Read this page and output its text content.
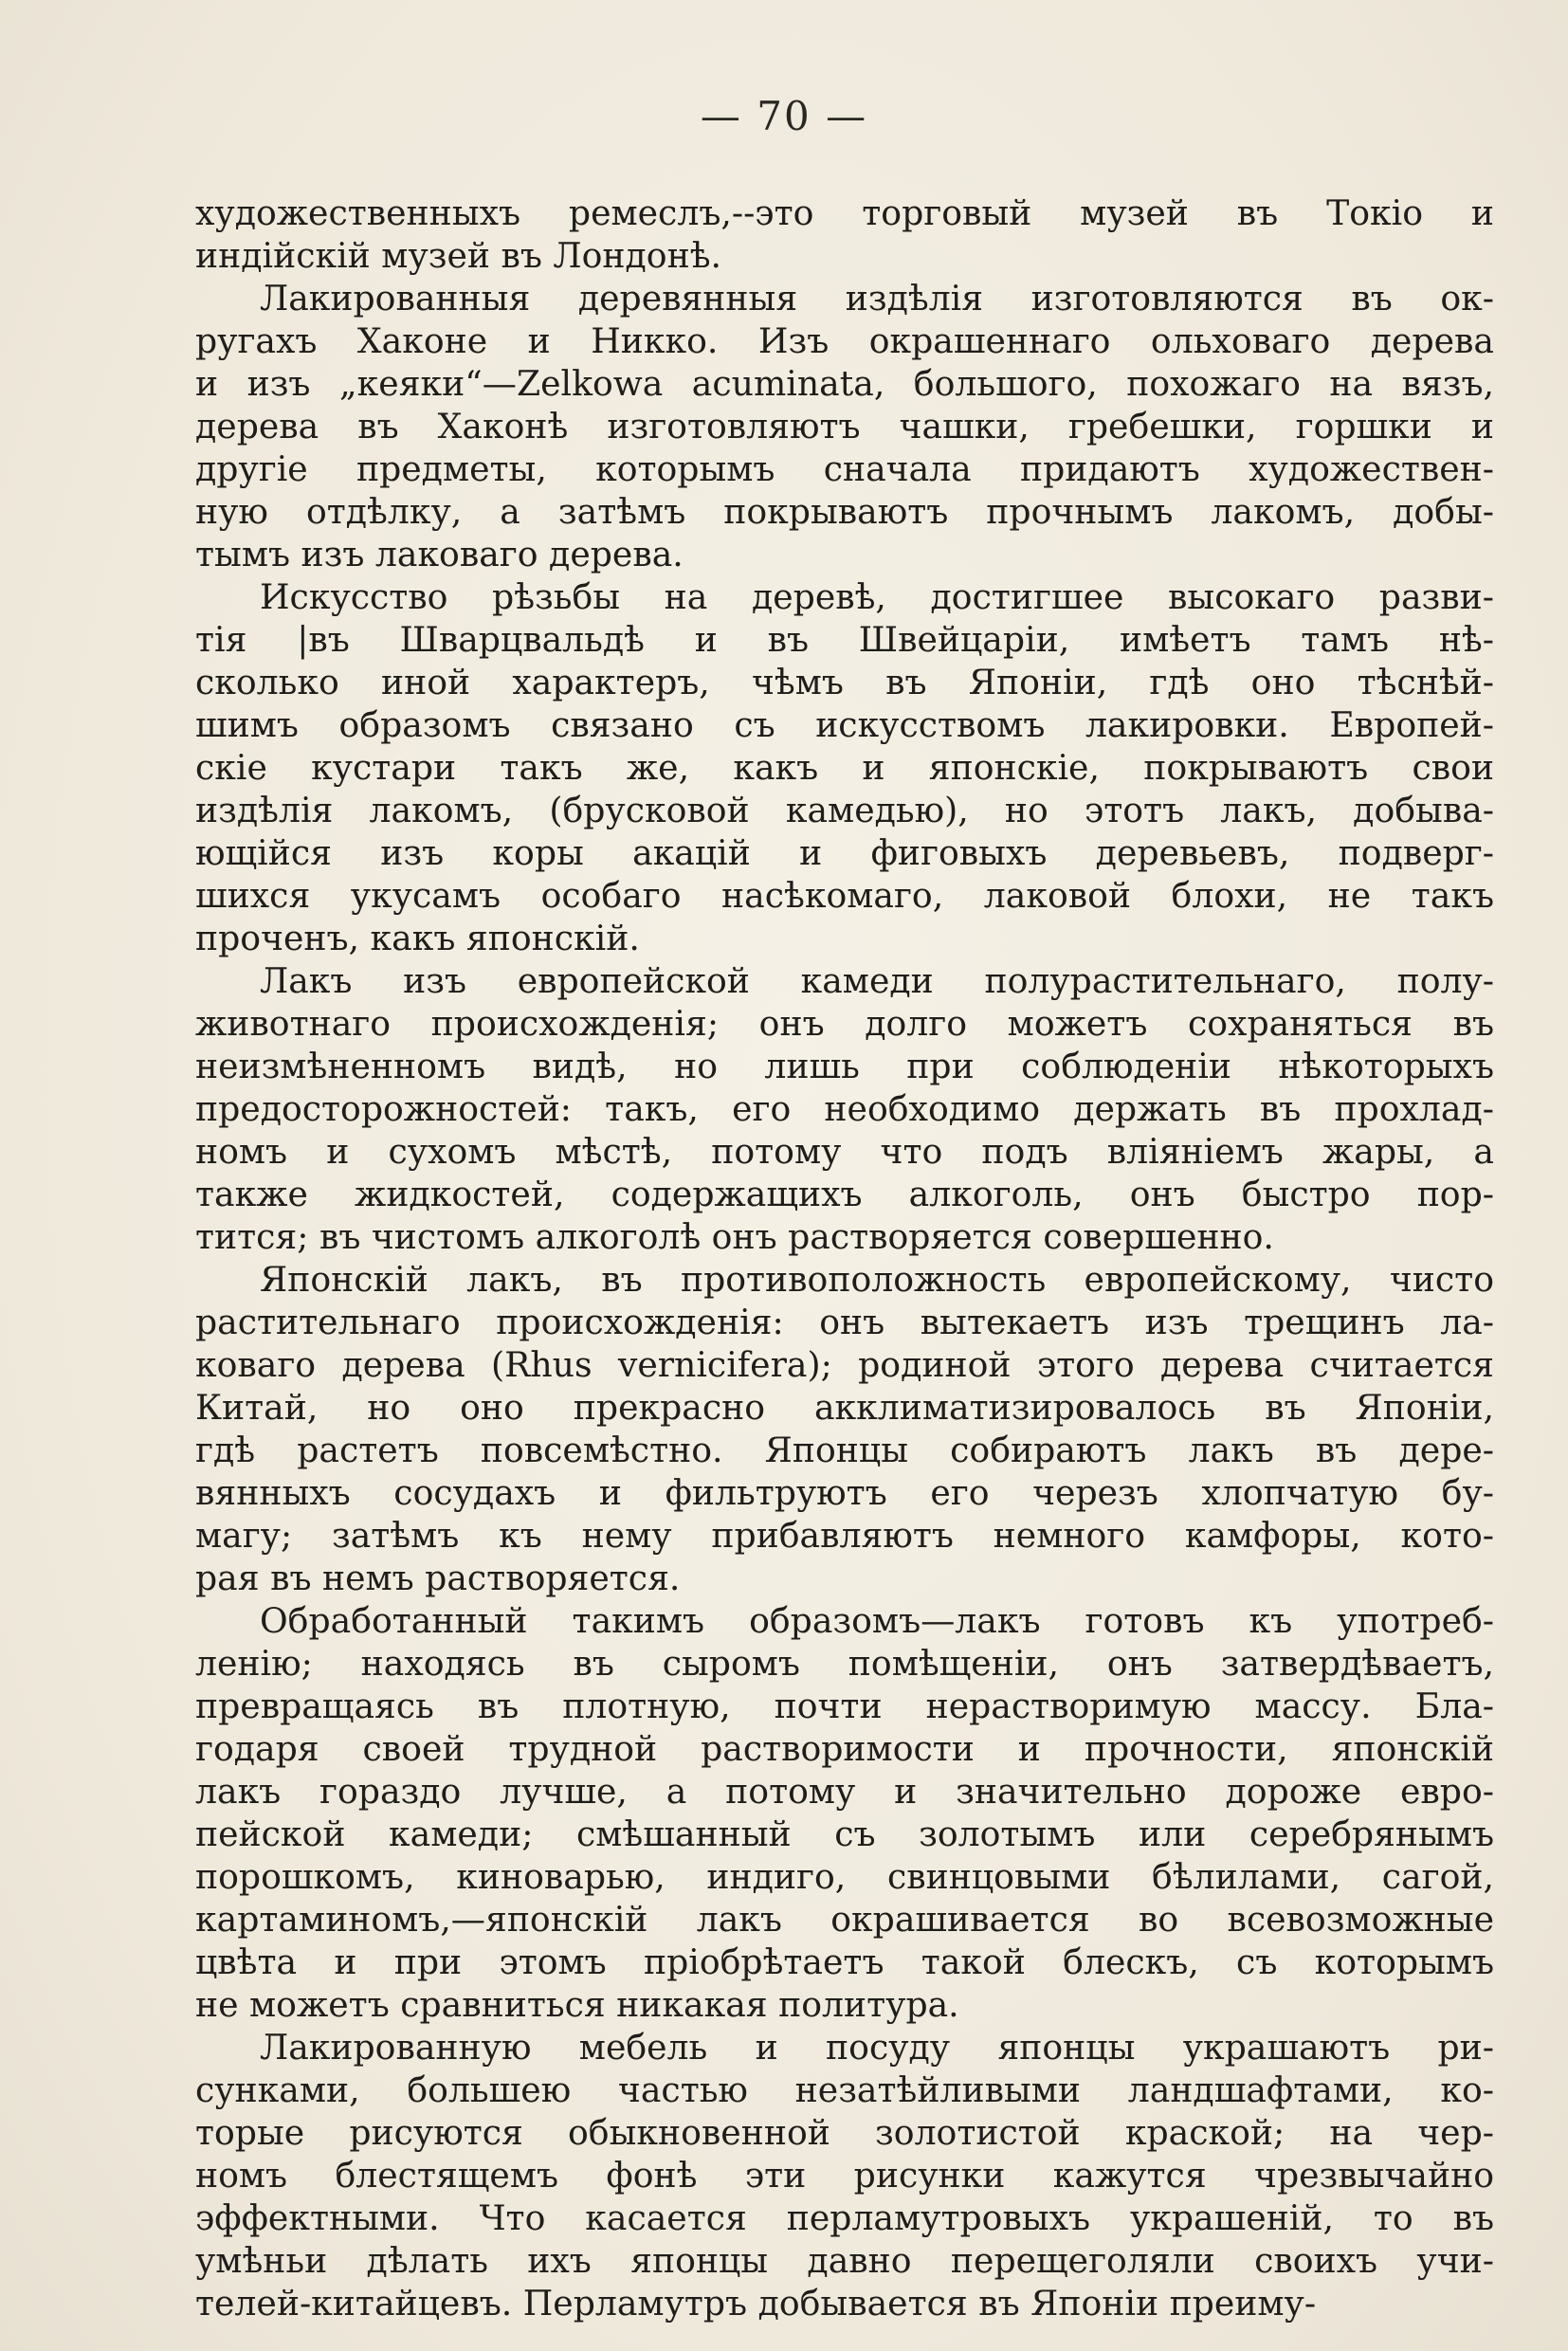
— 70 —
художественныхъ ремеслъ,--это торговый музей въ Токіо и
индійскій музей въ Лондонѣ.
Лакированныя деревянныя издѣлія изготовляются въ ок-
ругахъ Хаконе и Никко. Изъ окрашеннаго ольховаго дерева
и изъ „кеяки“—Zelkowa acuminata, большого, похожаго на вязъ,
дерева въ Хаконѣ изготовляютъ чашки, гребешки, горшки и
другіе предметы, которымъ сначала придаютъ художествен-
ную отдѣлку, а затѣмъ покрываютъ прочнымъ лакомъ, добы-
тымъ изъ лаковаго дерева.
Искусство рѣзьбы на деревѣ, достигшее высокаго разви-
тія |въ Шварцвальдѣ и въ Швейцаріи, имѣетъ тамъ нѣ-
сколько иной характеръ, чѣмъ въ Японіи, гдѣ оно тѣснѣй-
шимъ образомъ связано съ искусствомъ лакировки. Европей-
скіе кустари такъ же, какъ и японскіе, покрываютъ свои
издѣлія лакомъ, (брусковой камедью), но этотъ лакъ, добыва-
ющійся изъ коры акацій и фиговыхъ деревьевъ, подверг-
шихся укусамъ особаго насѣкомаго, лаковой блохи, не такъ
проченъ, какъ японскій.
Лакъ изъ европейской камеди полурастительнаго, полу-
животнаго происхожденія; онъ долго можетъ сохраняться въ
неизмѣненномъ видѣ, но лишь при соблюденіи нѣкоторыхъ
предосторожностей: такъ, его необходимо держать въ прохлад-
номъ и сухомъ мѣстѣ, потому что подъ вліяніемъ жары, а
также жидкостей, содержащихъ алкоголь, онъ быстро пор-
тится; въ чистомъ алкоголѣ онъ растворяется совершенно.
Японскій лакъ, въ противоположность европейскому, чисто
растительнаго происхожденія: онъ вытекаетъ изъ трещинъ ла-
коваго дерева (Rhus vernicifera); родиной этого дерева считается
Китай, но оно прекрасно акклиматизировалось въ Японіи,
гдѣ растетъ повсемѣстно. Японцы собираютъ лакъ въ дере-
вянныхъ сосудахъ и фильтруютъ его черезъ хлопчатую бу-
магу; затѣмъ къ нему прибавляютъ немного камфоры, кото-
рая въ немъ растворяется.
Обработанный такимъ образомъ—лакъ готовъ къ употреб-
ленію; находясь въ сыромъ помѣщеніи, онъ затвердѣваетъ,
превращаясь въ плотную, почти нерастворимую массу. Бла-
годаря своей трудной растворимости и прочности, японскій
лакъ гораздо лучше, а потому и значительно дороже евро-
пейской камеди; смѣшанный съ золотымъ или серебрянымъ
порошкомъ, киноварью, индиго, свинцовыми бѣлилами, сагой,
картаминомъ,—японскій лакъ окрашивается во всевозможные
цвѣта и при этомъ пріобрѣтаетъ такой блескъ, съ которымъ
не можетъ сравниться никакая политура.
Лакированную мебель и посуду японцы украшаютъ ри-
сунками, большею частью незатѣйливыми ландшафтами, ко-
торые рисуются обыкновенной золотистой краской; на чер-
номъ блестящемъ фонѣ эти рисунки кажутся чрезвычайно
эффектными. Что касается перламутровыхъ украшеній, то въ
умѣньи дѣлать ихъ японцы давно перещеголяли своихъ учи-
телей-китайцевъ. Перламутръ добывается въ Японіи преиму-
